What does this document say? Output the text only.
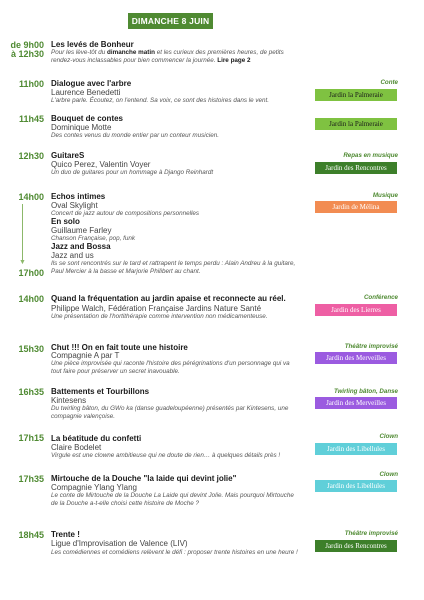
DIMANCHE 8 JUIN
de 9h00
à 12h30
Les levés de Bonheur
Pour les lève-tôt du dimanche matin et les curieux des premières heures, de petits rendez-vous inclassables pour bien commencer la journée. Lire page 2
11h00 Dialogue avec l'arbre
Laurence Benedetti
L'arbre parle. Écoutez, on l'entend. Sa voix, ce sont des histoires dans le vent.
Conte
Jardin la Palmeraie
11h45 Bouquet de contes
Dominique Motte
Des contes venus du monde entier par un conteur musicien.
Jardin la Palmeraie
12h30 GuitareS
Quico Perez, Valentin Voyer
Un duo de guitares pour un hommage à Django Reinhardt
Repas en musique
Jardin des Rencontres
14h00
▼
17h00
Echos intimes
Oval Skylight
Concert de jazz autour de compositions personnelles
En solo
Guillaume Farley
Chanson Française, pop, funk
Jazz and Bossa
Jazz and us
Ils se sont rencontrés sur le tard et rattrapent le temps perdu : Alain Andreu à la guitare, Paul Mercier à la basse et Marjorie Philibert au chant.
Musique
Jardin de Mélina
14h00 Quand la fréquentation au jardin apaise et reconnecte au réel.
Philippe Walch, Fédération Française Jardins Nature Santé
Une présentation de l'hortithérapie comme intervention non médicamenteuse.
Conférence
Jardin des Lierres
15h30 Chut !!! On en fait toute une histoire
Compagnie A par T
Une pièce improvisée qui raconte l'histoire des pérégrinations d'un personnage qui va tout faire pour préserver un secret inavouable.
Théâtre improvisé
Jardin des Merveilles
16h35 Battements et Tourbillons
Kintesens
Du twirling bâton, du GWo ka (danse guadeloupéenne) présentés par Kintesens, une compagnie valençoise.
Twirling bâton, Danse
Jardin des Merveilles
17h15 La béatitude du confetti
Claire Bodelet
Virgule est une clowne ambitieuse qui ne doute de rien… à quelques détails près !
Clown
Jardin des Libellules
17h35 Mirtouche de la Douche "la laide qui devint jolie"
Compagnie Ylang Ylang
Le conte de Mirtouche de la Douche La Laide qui devint Jolie. Mais pourquoi Mirtouche de la Douche a-t-elle choisi cette histoire de Moche ?
Clown
Jardin des Libellules
18h45 Trente !
Ligue d'Improvisation de Valence (LIV)
Les comédiennes et comédiens relèvent le défi : proposer trente histoires en une heure !
Théâtre improvisé
Jardin des Rencontres
